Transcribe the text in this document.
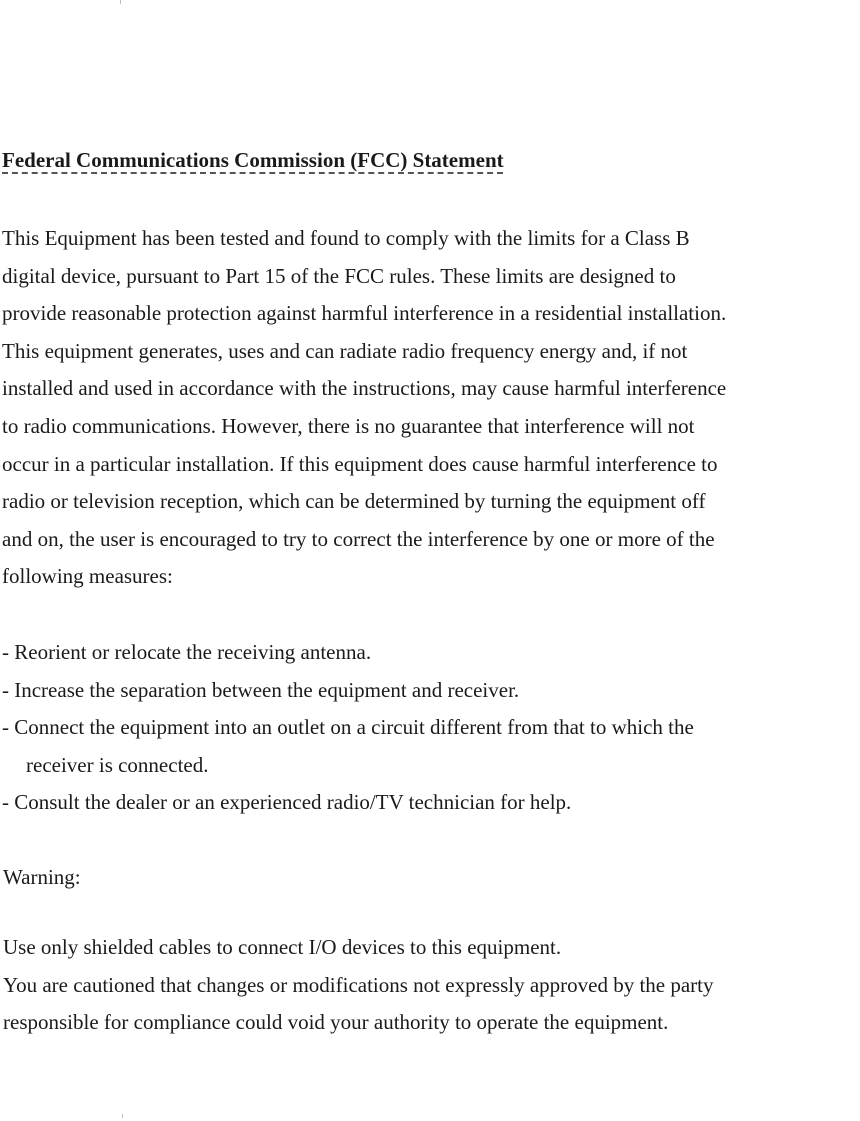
Federal Communications Commission (FCC) Statement

This Equipment has been tested and found to comply with the limits for a Class B
digital device, pursuant to Part 15 of the FCC rules. These limits are designed to
provide reasonable protection against harmful interference in a residential installation.
This equipment generates, uses and can radiate radio frequency energy and, if not
installed and used in accordance with the instructions, may cause harmful interference
to radio communications. However, there is no guarantee that interference will not
occur in a particular installation. If this equipment does cause harmful interference to
radio or television reception, which can be determined by turning the equipment off
and on, the user is encouraged to try to correct the interference by one or more of the
following measures:

- Reorient or relocate the receiving antenna.
- Increase the separation between the equipment and receiver.
- Connect the equipment into an outlet on a circuit different from that to which the
receiver is connected.
- Consult the dealer or an experienced radio/TV technician for help.

Warning:

Use only shielded cables to connect I/O devices to this equipment.
You are cautioned that changes or modifications not expressly approved by the party
responsible for compliance could void your authority to operate the equipment.
